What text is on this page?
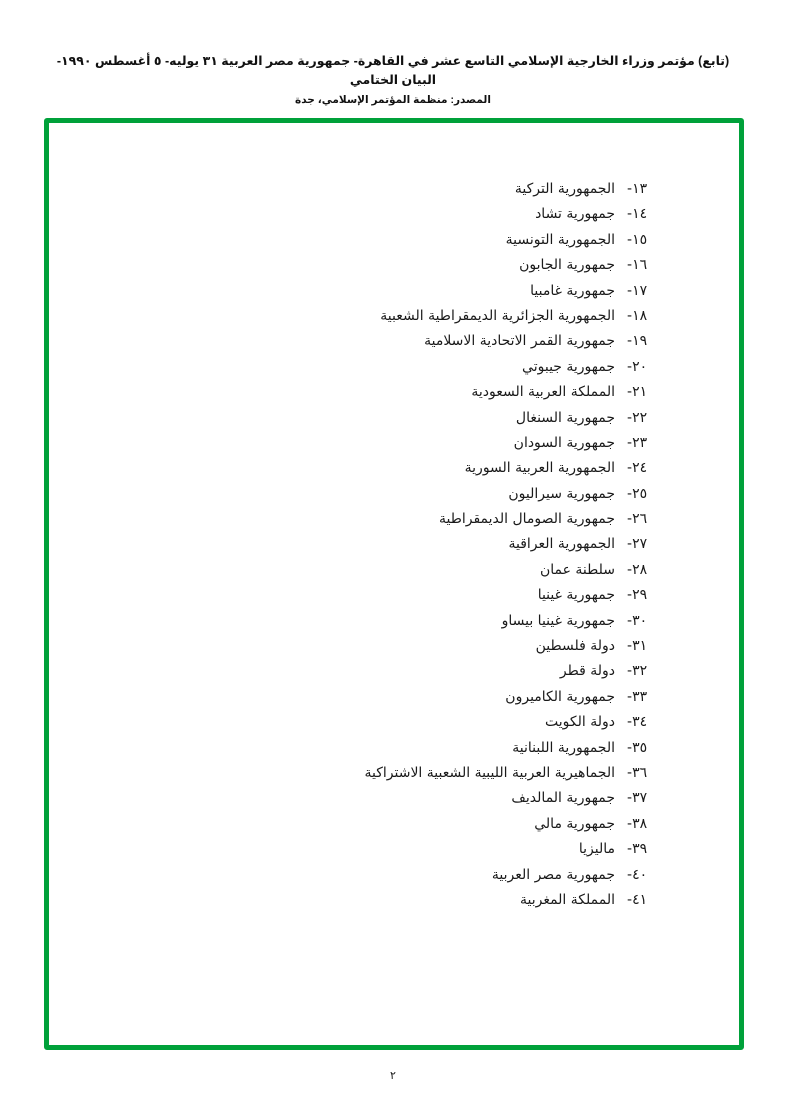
(تابع) مؤتمر وزراء الخارجية الإسلامي التاسع عشر في القاهرة- جمهورية مصر العربية ٣١ يوليه- ٥ أغسطس ١٩٩٠- البيان الختامي
المصدر: منظمة المؤتمر الإسلامي، جدة
١٣-
الجمهورية التركية
١٤-
جمهورية تشاد
١٥-
الجمهورية التونسية
١٦-
جمهورية الجابون
١٧-
جمهورية غامبيا
١٨-
الجمهورية الجزائرية الديمقراطية الشعبية
١٩-
جمهورية القمر الاتحادية الاسلامية
٢٠-
جمهورية جيبوتي
٢١-
المملكة العربية السعودية
٢٢-
جمهورية السنغال
٢٣-
جمهورية السودان
٢٤-
الجمهورية العربية السورية
٢٥-
جمهورية سيراليون
٢٦-
جمهورية الصومال الديمقراطية
٢٧-
الجمهورية العراقية
٢٨-
سلطنة عمان
٢٩-
جمهورية غينيا
٣٠-
جمهورية غينيا بيساو
٣١-
دولة فلسطين
٣٢-
دولة قطر
٣٣-
جمهورية الكاميرون
٣٤-
دولة الكويت
٣٥-
الجمهورية اللبنانية
٣٦-
الجماهيرية العربية الليبية الشعبية الاشتراكية
٣٧-
جمهورية المالديف
٣٨-
جمهورية مالي
٣٩-
ماليزيا
٤٠-
جمهورية مصر العربية
٤١-
المملكة المغربية
٢
